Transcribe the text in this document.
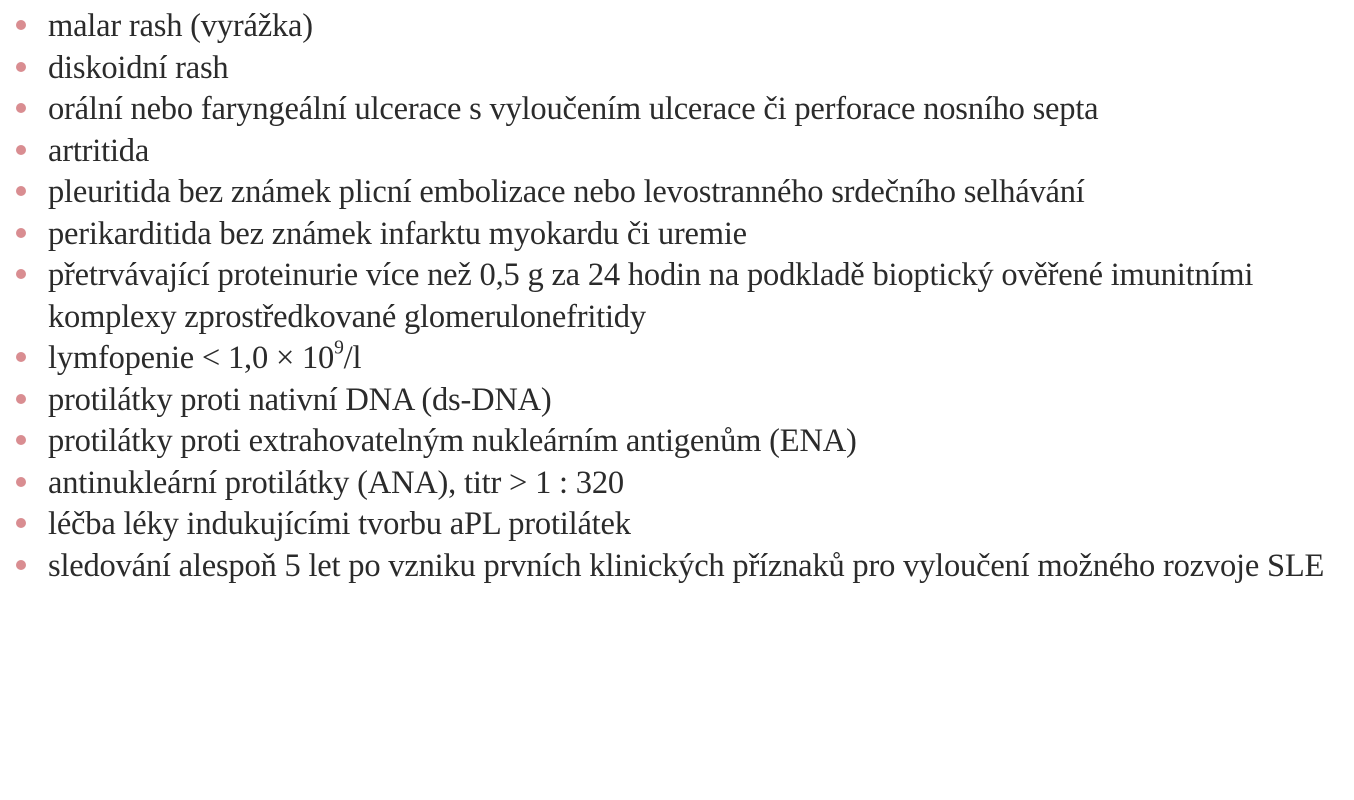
malar rash (vyrážka)
diskoidní rash
orální nebo faryngeální ulcerace s vyloučením ulcerace či perforace nosního septa
artritida
pleuritida bez známek plicní embolizace nebo levostranného srdečního selhávání
perikarditida bez známek infarktu myokardu či uremie
přetrvávající proteinurie více než 0,5 g za 24 hodin na podkladě bioptický ověřené imunitními komplexy zprostředkované glomerulonefritidy
lymfopenie < $1,0 \times 10^9/l$
protilátky proti nativní DNA (ds-DNA)
protilátky proti extrahovatelným nukleárním antigenům (ENA)
antinukleární protilátky (ANA), titr > 1 : 320
léčba léky indukujícími tvorbu aPL protilátek
sledování alespoň 5 let po vzniku prvních klinických příznaků pro vyloučení možného rozvoje SLE
